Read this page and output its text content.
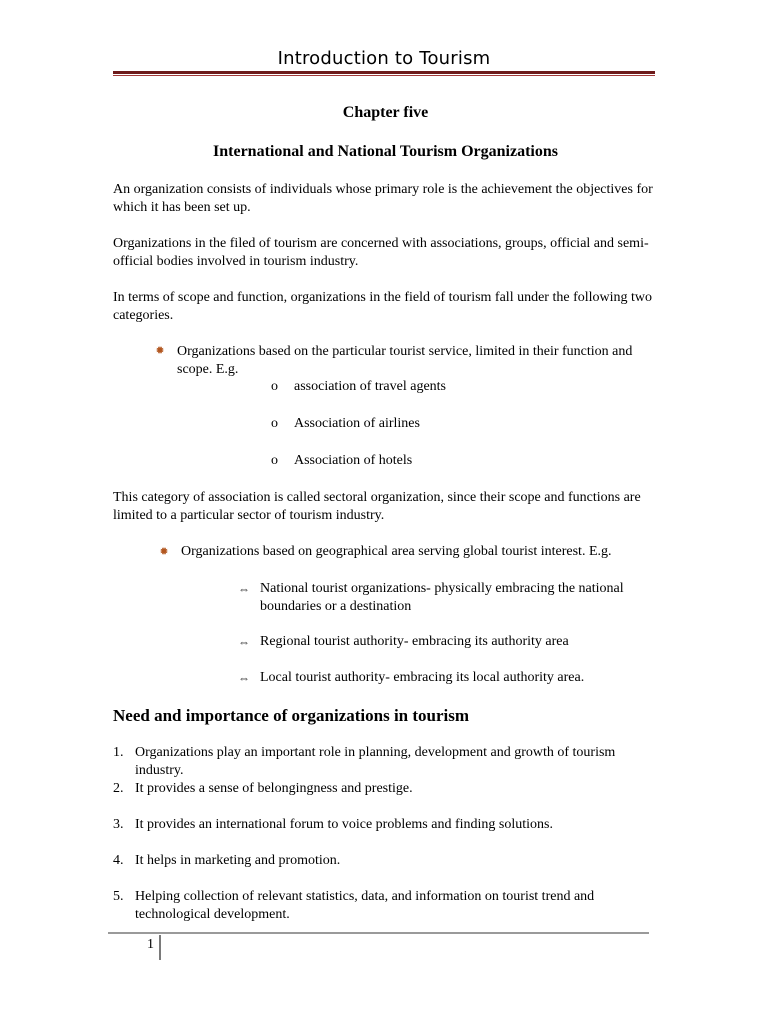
Introduction to Tourism
Chapter five
International and National Tourism Organizations
An organization consists of individuals whose primary role is the achievement the objectives for which it has been set up.
Organizations in the filed of tourism are concerned with associations, groups, official and semi-official bodies involved in tourism industry.
In terms of scope and function, organizations in the field of tourism fall under the following two categories.
✹ Organizations based on the particular tourist service, limited in their function and scope. E.g.
o association of travel agents
o Association of airlines
o Association of hotels
This category of association is called sectoral organization, since their scope and functions are limited to a particular sector of tourism industry.
✹ Organizations based on geographical area serving global tourist interest. E.g.
⇔ National tourist organizations- physically embracing the national boundaries or a destination
⇔ Regional tourist authority- embracing its authority area
⇔ Local tourist authority- embracing its local authority area.
Need and importance of organizations in tourism
1. Organizations play an important role in planning, development and growth of tourism industry.
2. It provides a sense of belongingness and prestige.
3. It provides an international forum to voice problems and finding solutions.
4. It helps in marketing and promotion.
5. Helping collection of relevant statistics, data, and information on tourist trend and technological development.
1
